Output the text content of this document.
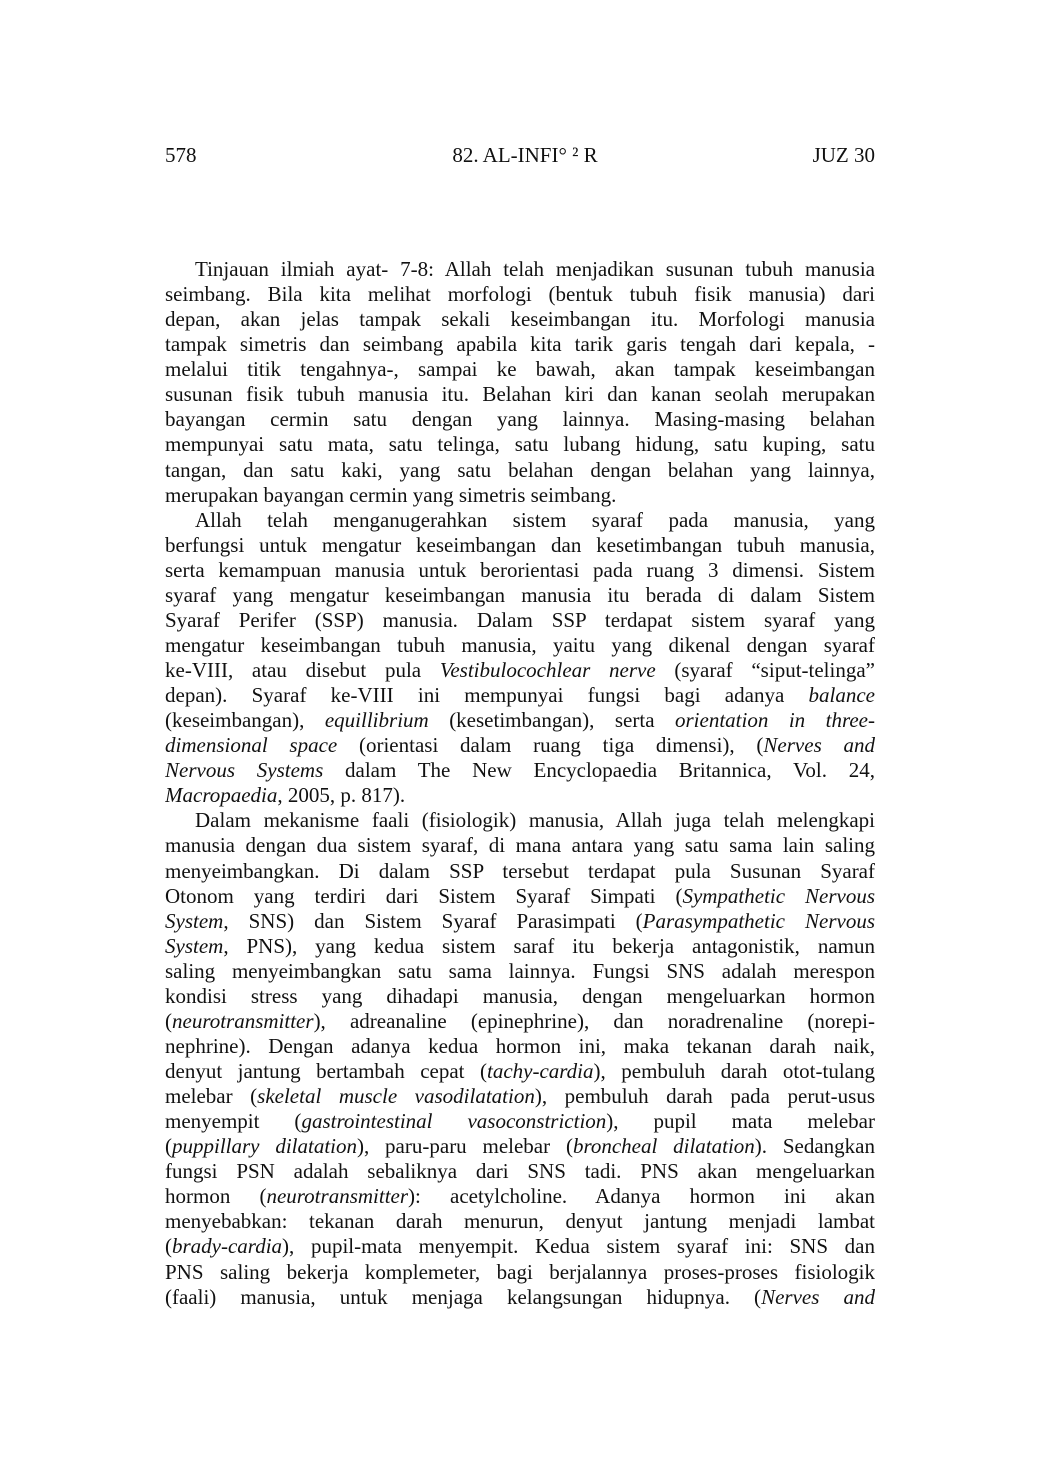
578	82. AL-INFI° ² R	JUZ 30
Tinjauan ilmiah ayat- 7-8: Allah telah menjadikan susunan tubuh manusia
seimbang. Bila kita melihat morfologi (bentuk tubuh fisik manusia) dari
depan, akan jelas tampak sekali keseimbangan itu. Morfologi manusia
tampak simetris dan seimbang apabila kita tarik garis tengah dari kepala, -
melalui titik tengahnya-, sampai ke bawah, akan tampak keseimbangan
susunan fisik tubuh manusia itu. Belahan kiri dan kanan seolah merupakan
bayangan cermin satu dengan yang lainnya. Masing-masing belahan
mempunyai satu mata, satu telinga, satu lubang hidung, satu kuping, satu
tangan, dan satu kaki, yang satu belahan dengan belahan yang lainnya,
merupakan bayangan cermin yang simetris seimbang.
Allah telah menganugerahkan sistem syaraf pada manusia, yang
berfungsi untuk mengatur keseimbangan dan kesetimbangan tubuh manusia,
serta kemampuan manusia untuk berorientasi pada ruang 3 dimensi. Sistem
syaraf yang mengatur keseimbangan manusia itu berada di dalam Sistem
Syaraf Perifer (SSP) manusia. Dalam SSP terdapat sistem syaraf yang
mengatur keseimbangan tubuh manusia, yaitu yang dikenal dengan syaraf
ke-VIII, atau disebut pula Vestibulocochlear nerve (syaraf “siput-telinga”
depan). Syaraf ke-VIII ini mempunyai fungsi bagi adanya balance
(keseimbangan), equillibrium (kesetimbangan), serta orientation in three-
dimensional space (orientasi dalam ruang tiga dimensi), (Nerves and
Nervous Systems dalam The New Encyclopaedia Britannica, Vol. 24,
Macropaedia, 2005, p. 817).
Dalam mekanisme faali (fisiologik) manusia, Allah juga telah melengkapi
manusia dengan dua sistem syaraf, di mana antara yang satu sama lain saling
menyeimbangkan. Di dalam SSP tersebut terdapat pula Susunan Syaraf
Otonom yang terdiri dari Sistem Syaraf Simpati (Sympathetic Nervous
System, SNS) dan Sistem Syaraf Parasimpati (Parasympathetic Nervous
System, PNS), yang kedua sistem saraf itu bekerja antagonistik, namun
saling menyeimbangkan satu sama lainnya. Fungsi SNS adalah merespon
kondisi stress yang dihadapi manusia, dengan mengeluarkan hormon
(neurotransmitter), adreanaline (epinephrine), dan noradrenaline (norepi-
nephrine). Dengan adanya kedua hormon ini, maka tekanan darah naik,
denyut jantung bertambah cepat (tachy-cardia), pembuluh darah otot-tulang
melebar (skeletal muscle vasodilatation), pembuluh darah pada perut-usus
menyempit (gastrointestinal vasoconstriction), pupil mata melebar
(puppillary dilatation), paru-paru melebar (broncheal dilatation). Sedangkan
fungsi PSN adalah sebaliknya dari SNS tadi. PNS akan mengeluarkan
hormon (neurotransmitter): acetylcholine. Adanya hormon ini akan
menyebabkan: tekanan darah menurun, denyut jantung menjadi lambat
(brady-cardia), pupil-mata menyempit. Kedua sistem syaraf ini: SNS dan
PNS saling bekerja komplemeter, bagi berjalannya proses-proses fisiologik
(faali) manusia, untuk menjaga kelangsungan hidupnya. (Nerves and
